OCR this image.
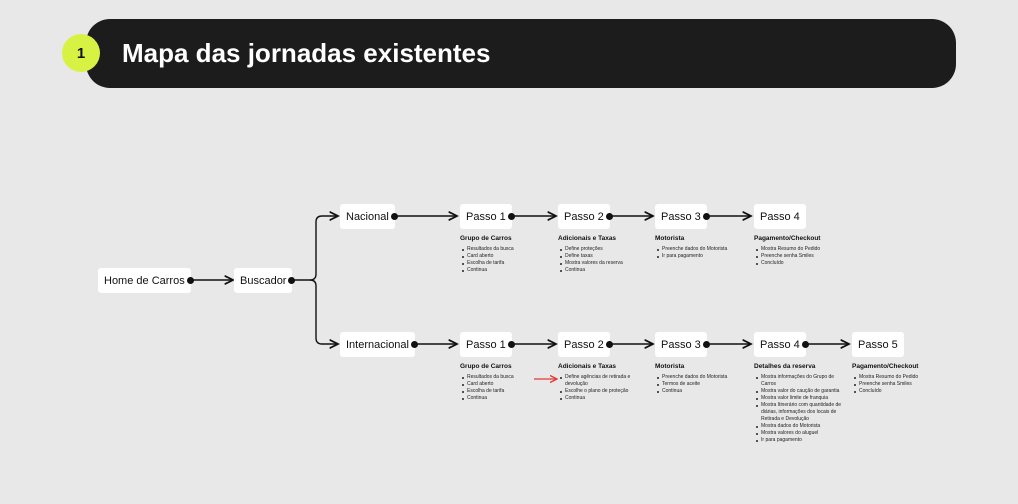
1	Mapa das jornadas existentes
Home de Carros	Buscador
Nacional
Internacional
Passo 1	Passo 2	Passo 3	Passo 4
Passo 1	Passo 2	Passo 3	Passo 4	Passo 5
Grupo de Carros
Resultados da busca
Card aberto
Escolha de tarifa
Continua
Adicionais e Taxas
Define proteções
Define taxas
Mostra valores da reserva
Continua
Motorista
Preenche dados do Motorista
Ir para pagamento
Pagamento/Checkout
Mostra Resumo do Pedido
Preenche senha Smiles
Concluído
Grupo de Carros
Resultados da busca
Card aberto
Escolha de tarifa
Continua
Adicionais e Taxas
Define agências de retirada e devolução
Escolhe o plano de proteção
Continua
Motorista
Preenche dados do Motorista
Termos de aceite
Continua
Detalhes da reserva
Mostra informações do Grupo de Carros
Mostra valor do caução de garantia
Mostra valor limite de franquia
Mostra Itinerário com quantidade de diárias, informações dos locais de Retirada e Devolução
Mostra dados do Motorista
Mostra valores do aluguel
Ir para pagamento
Pagamento/Checkout
Mostra Resumo do Pedido
Preenche senha Smiles
Concluído
